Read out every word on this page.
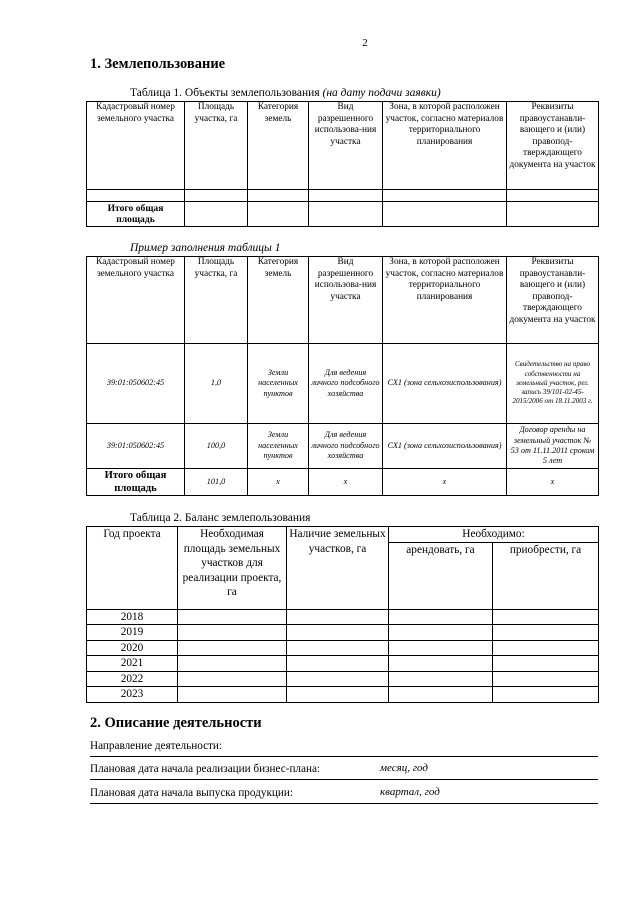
2
1. Землепользование
Таблица 1. Объекты землепользования (на дату подачи заявки)
Кадастровый номер земельного участка	Площадь участка, га	Категория земель	Вид разрешенного использова-ния участка	Зона, в которой расположен участок, согласно материалов территориального планирования	Реквизиты правоустанавли-вающего и (или) правопод-тверждающего документа на участок

Итого общая площадь					
Пример заполнения таблицы 1
Кадастровый номер земельного участка	Площадь участка, га	Категория земель	Вид разрешенного использова-ния участка	Зона, в которой расположен участок, согласно материалов территориального планирования	Реквизиты правоустанавли-вающего и (или) правопод-тверждающего документа на участок
39:01:050602:45	1,0	Земли населенных пунктов	Для ведения личного подсобного хозяйства	СХ1 (зона сельхозиспользования)	Свидетельство на право собственности на земельный участок, рег. запись 39/101-02-45-2015/2006 от 18.11.2003 г.
39:01:050602:45	100,0	Земли населенных пунктов	Для ведения личного подсобного хозяйства	СХ1 (зона сельхозиспользования)	Договор аренды на земельный участок № 53 от 11.11.2011 сроком 5 лет
Итого общая площадь	101,0	х	х	х	х
Таблица 2. Баланс землепользования
Год проекта	Необходимая площадь земельных участков для реализации проекта, га	Наличие земельных участков, га	Необходимо:	
			арендовать, га	приобрести, га
2018				
2019				
2020				
2021				
2022				
2023				
2. Описание деятельности
Направление деятельности:
Плановая дата начала реализации бизнес-плана:	месяц, год
Плановая дата начала выпуска продукции:	квартал, год
